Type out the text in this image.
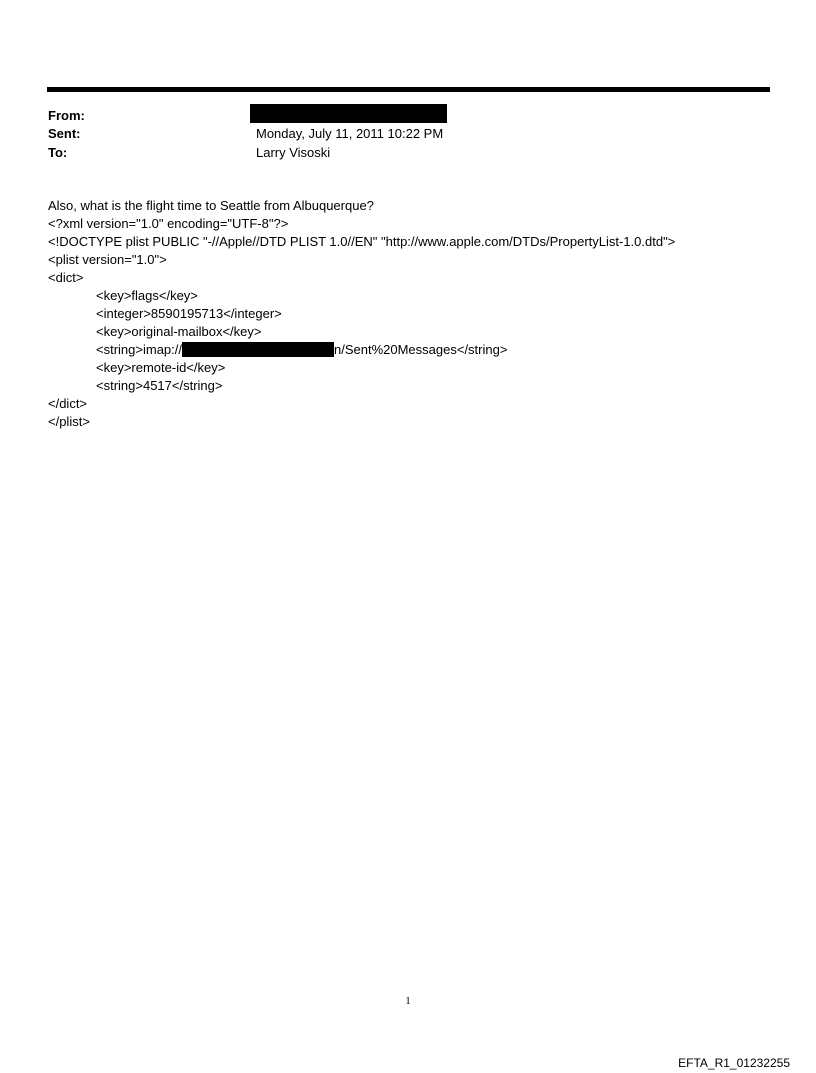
From:
Sent:	Monday, July 11, 2011 10:22 PM
To:	Larry Visoski
Also, what is the flight time to Seattle from Albuquerque?
<?xml version="1.0" encoding="UTF-8"?>
<!DOCTYPE plist PUBLIC "-//Apple//DTD PLIST 1.0//EN" "http://www.apple.com/DTDs/PropertyList-1.0.dtd">
<plist version="1.0">
<dict>
<key>flags</key>
<integer>8590195713</integer>
<key>original-mailbox</key>
<string>imap://	n/Sent%20Messages</string>
<key>remote-id</key>
<string>4517</string>
</dict>
</plist>
1
EFTA_R1_01232255
